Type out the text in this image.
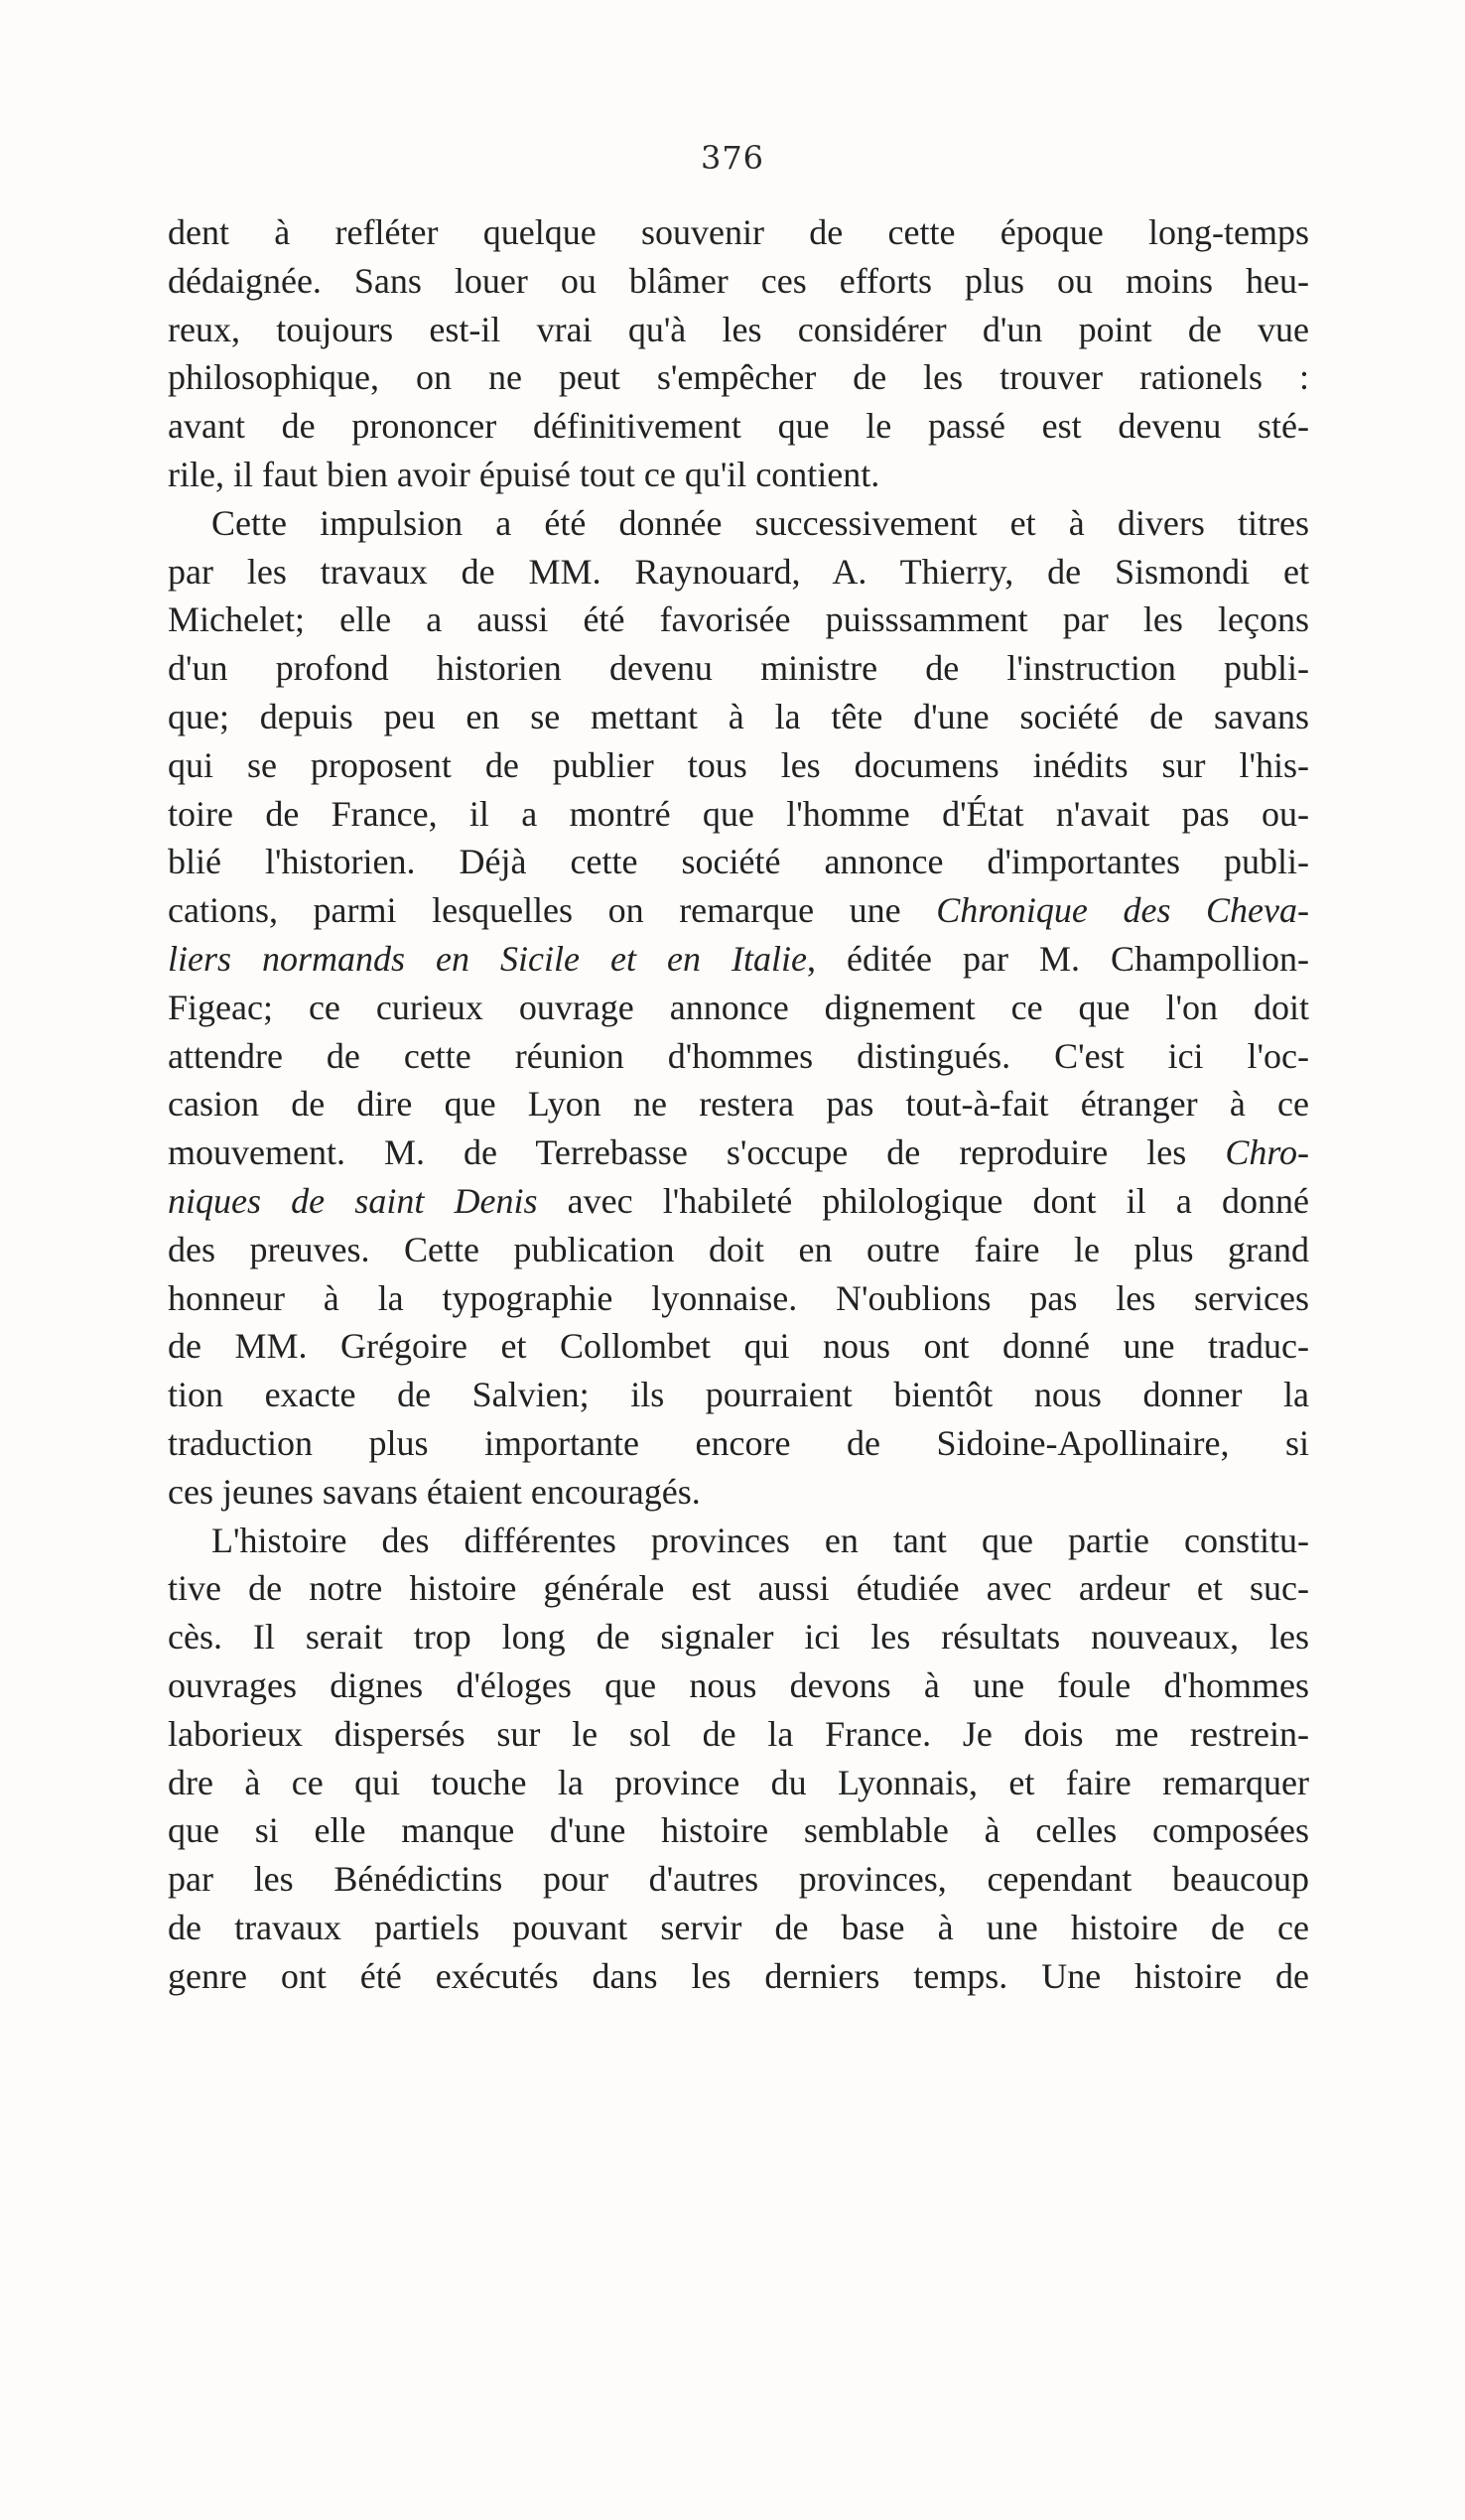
376
dent à refléter quelque souvenir de cette époque long-temps
dédaignée. Sans louer ou blâmer ces efforts plus ou moins heu-
reux, toujours est-il vrai qu'à les considérer d'un point de vue
philosophique, on ne peut s'empêcher de les trouver rationels :
avant de prononcer définitivement que le passé est devenu sté-
rile, il faut bien avoir épuisé tout ce qu'il contient.
Cette impulsion a été donnée successivement et à divers titres
par les travaux de MM. Raynouard, A. Thierry, de Sismondi et
Michelet; elle a aussi été favorisée puisssamment par les leçons
d'un profond historien devenu ministre de l'instruction publi-
que; depuis peu en se mettant à la tête d'une société de savans
qui se proposent de publier tous les documens inédits sur l'his-
toire de France, il a montré que l'homme d'État n'avait pas ou-
blié l'historien. Déjà cette société annonce d'importantes publi-
cations, parmi lesquelles on remarque une Chronique des Cheva-
liers normands en Sicile et en Italie, éditée par M. Champollion-
Figeac; ce curieux ouvrage annonce dignement ce que l'on doit
attendre de cette réunion d'hommes distingués. C'est ici l'oc-
casion de dire que Lyon ne restera pas tout-à-fait étranger à ce
mouvement. M. de Terrebasse s'occupe de reproduire les Chro-
niques de saint Denis avec l'habileté philologique dont il a donné
des preuves. Cette publication doit en outre faire le plus grand
honneur à la typographie lyonnaise. N'oublions pas les services
de MM. Grégoire et Collombet qui nous ont donné une traduc-
tion exacte de Salvien; ils pourraient bientôt nous donner la
traduction plus importante encore de Sidoine-Apollinaire, si
ces jeunes savans étaient encouragés.
L'histoire des différentes provinces en tant que partie constitu-
tive de notre histoire générale est aussi étudiée avec ardeur et suc-
cès. Il serait trop long de signaler ici les résultats nouveaux, les
ouvrages dignes d'éloges que nous devons à une foule d'hommes
laborieux dispersés sur le sol de la France. Je dois me restrein-
dre à ce qui touche la province du Lyonnais, et faire remarquer
que si elle manque d'une histoire semblable à celles composées
par les Bénédictins pour d'autres provinces, cependant beaucoup
de travaux partiels pouvant servir de base à une histoire de ce
genre ont été exécutés dans les derniers temps. Une histoire de
